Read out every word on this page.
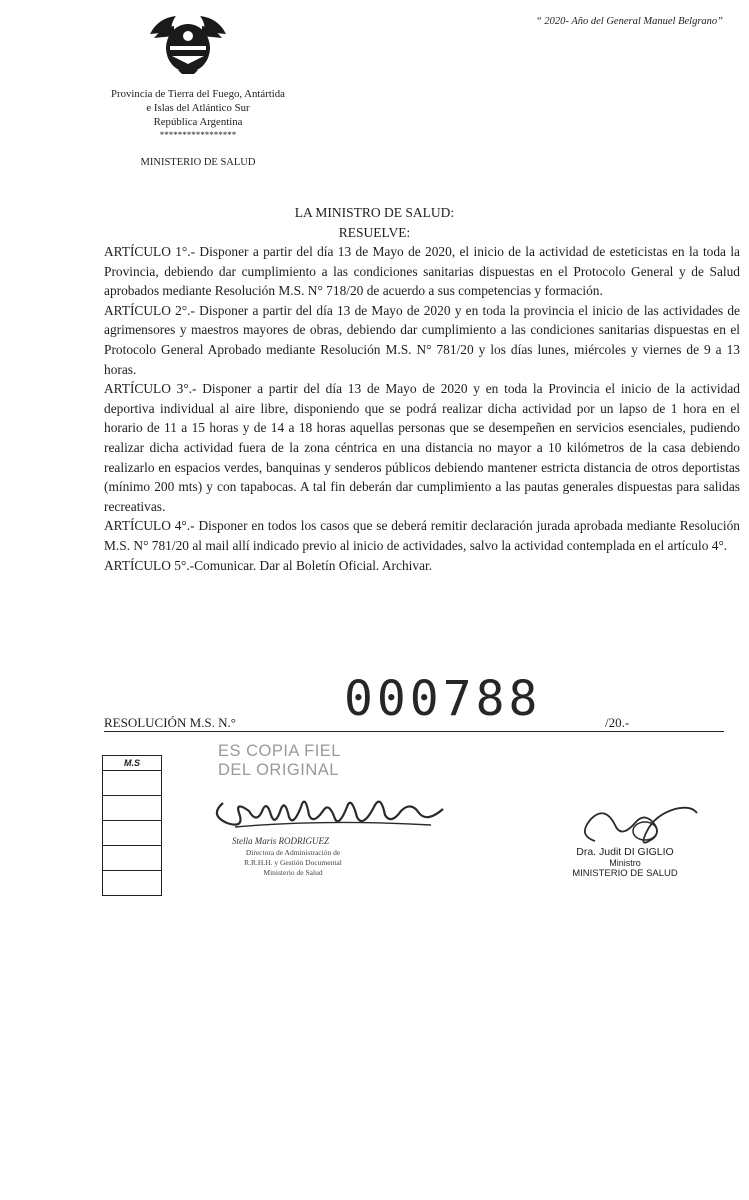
“ 2020- Año del General Manuel Belgrano”
Provincia de Tierra del Fuego, Antártida
e Islas del Atlántico Sur
República Argentina
*****************
MINISTERIO DE SALUD
LA MINISTRO DE SALUD:
RESUELVE:

ARTÍCULO 1°.- Disponer a partir del día 13 de Mayo de 2020, el inicio de la actividad de esteticistas en la toda la Provincia, debiendo dar cumplimiento a las condiciones sanitarias dispuestas en el Protocolo General y de Salud aprobados mediante Resolución M.S. N° 718/20 de acuerdo a sus competencias y formación.

ARTÍCULO 2°.- Disponer a partir del día 13 de Mayo de 2020 y en toda la provincia el inicio de las actividades de agrimensores y maestros mayores de obras, debiendo dar cumplimiento a las condiciones sanitarias dispuestas en el Protocolo General Aprobado mediante Resolución M.S. N° 781/20 y los días lunes, miércoles y viernes de 9 a 13 horas.

ARTÍCULO 3°.- Disponer a partir del día 13 de Mayo de 2020 y en toda la Provincia el inicio de la actividad deportiva individual al aire libre, disponiendo que se podrá realizar dicha actividad por un lapso de 1 hora en el horario de 11 a 15 horas y de 14 a 18 horas aquellas personas que se desempeñen en servicios esenciales, pudiendo realizar dicha actividad fuera de la zona céntrica en una distancia no mayor a 10 kilómetros de la casa debiendo realizarlo en espacios verdes, banquinas y senderos públicos debiendo mantener estricta distancia de otros deportistas (mínimo 200 mts) y con tapabocas. A tal fin deberán dar cumplimiento a las pautas generales dispuestas para salidas recreativas.

ARTÍCULO 4°.- Disponer en todos los casos que se deberá remitir declaración jurada aprobada mediante Resolución M.S. N° 781/20 al mail allí indicado previo al inicio de actividades, salvo la actividad contemplada en el artículo 4°.

ARTÍCULO 5°.-Comunicar. Dar al Boletín Oficial. Archivar.

000788
RESOLUCIÓN M.S. N.°	/20.-
M.S
ES COPIA FIEL
DEL ORIGINAL
Stella Maris RODRIGUEZ
Directora de Administración de
R.R.H.H. y Gestión Documental
Ministerio de Salud
Dra. Judit DI GIGLIO
Ministro
MINISTERIO DE SALUD
